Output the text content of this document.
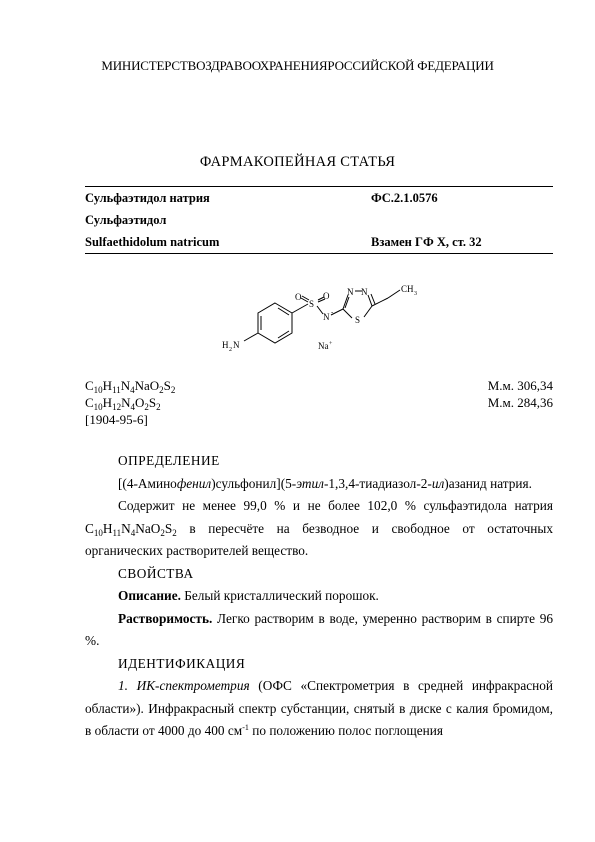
МИНИСТЕРСТВОЗДРАВООХРАНЕНИЯРОССИЙСКОЙ ФЕДЕРАЦИИ
ФАРМАКОПЕЙНАЯ СТАТЬЯ
Сульфаэтидол натрия	ФС.2.1.0576
Сульфаэтидол
Sulfaethidolum natricum	Взамен ГФ X, ст. 32
O
S
O
N -
N N
S
CH 3
H 2 N	Na +
$C_{10}H_{11}N_4NaO_2S_2$	М.м. 306,34
$C_{10}H_{12}N_4O_2S_2$	М.м. 284,36
[1904-95-6]

ОПРЕДЕЛЕНИЕ

[(4-Аминофенил)сульфонил](5-этил-1,3,4-тиадиазол-2-ил)азанид натрия.

Содержит не менее 99,0 % и не более 102,0 % сульфаэтидола натрия $C_{10}H_{11}N_4NaO_2S_2$ в пересчёте на безводное и свободное от остаточных органических растворителей вещество.

СВОЙСТВА

Описание. Белый кристаллический порошок.

Растворимость. Легко растворим в воде, умеренно растворим в спирте 96 %.

ИДЕНТИФИКАЦИЯ

1. ИК-спектрометрия (ОФС «Спектрометрия в средней инфракрасной области»). Инфракрасный спектр субстанции, снятый в диске с калия бромидом, в области от 4000 до 400 $см^{-1}$ по положению полос поглощения
